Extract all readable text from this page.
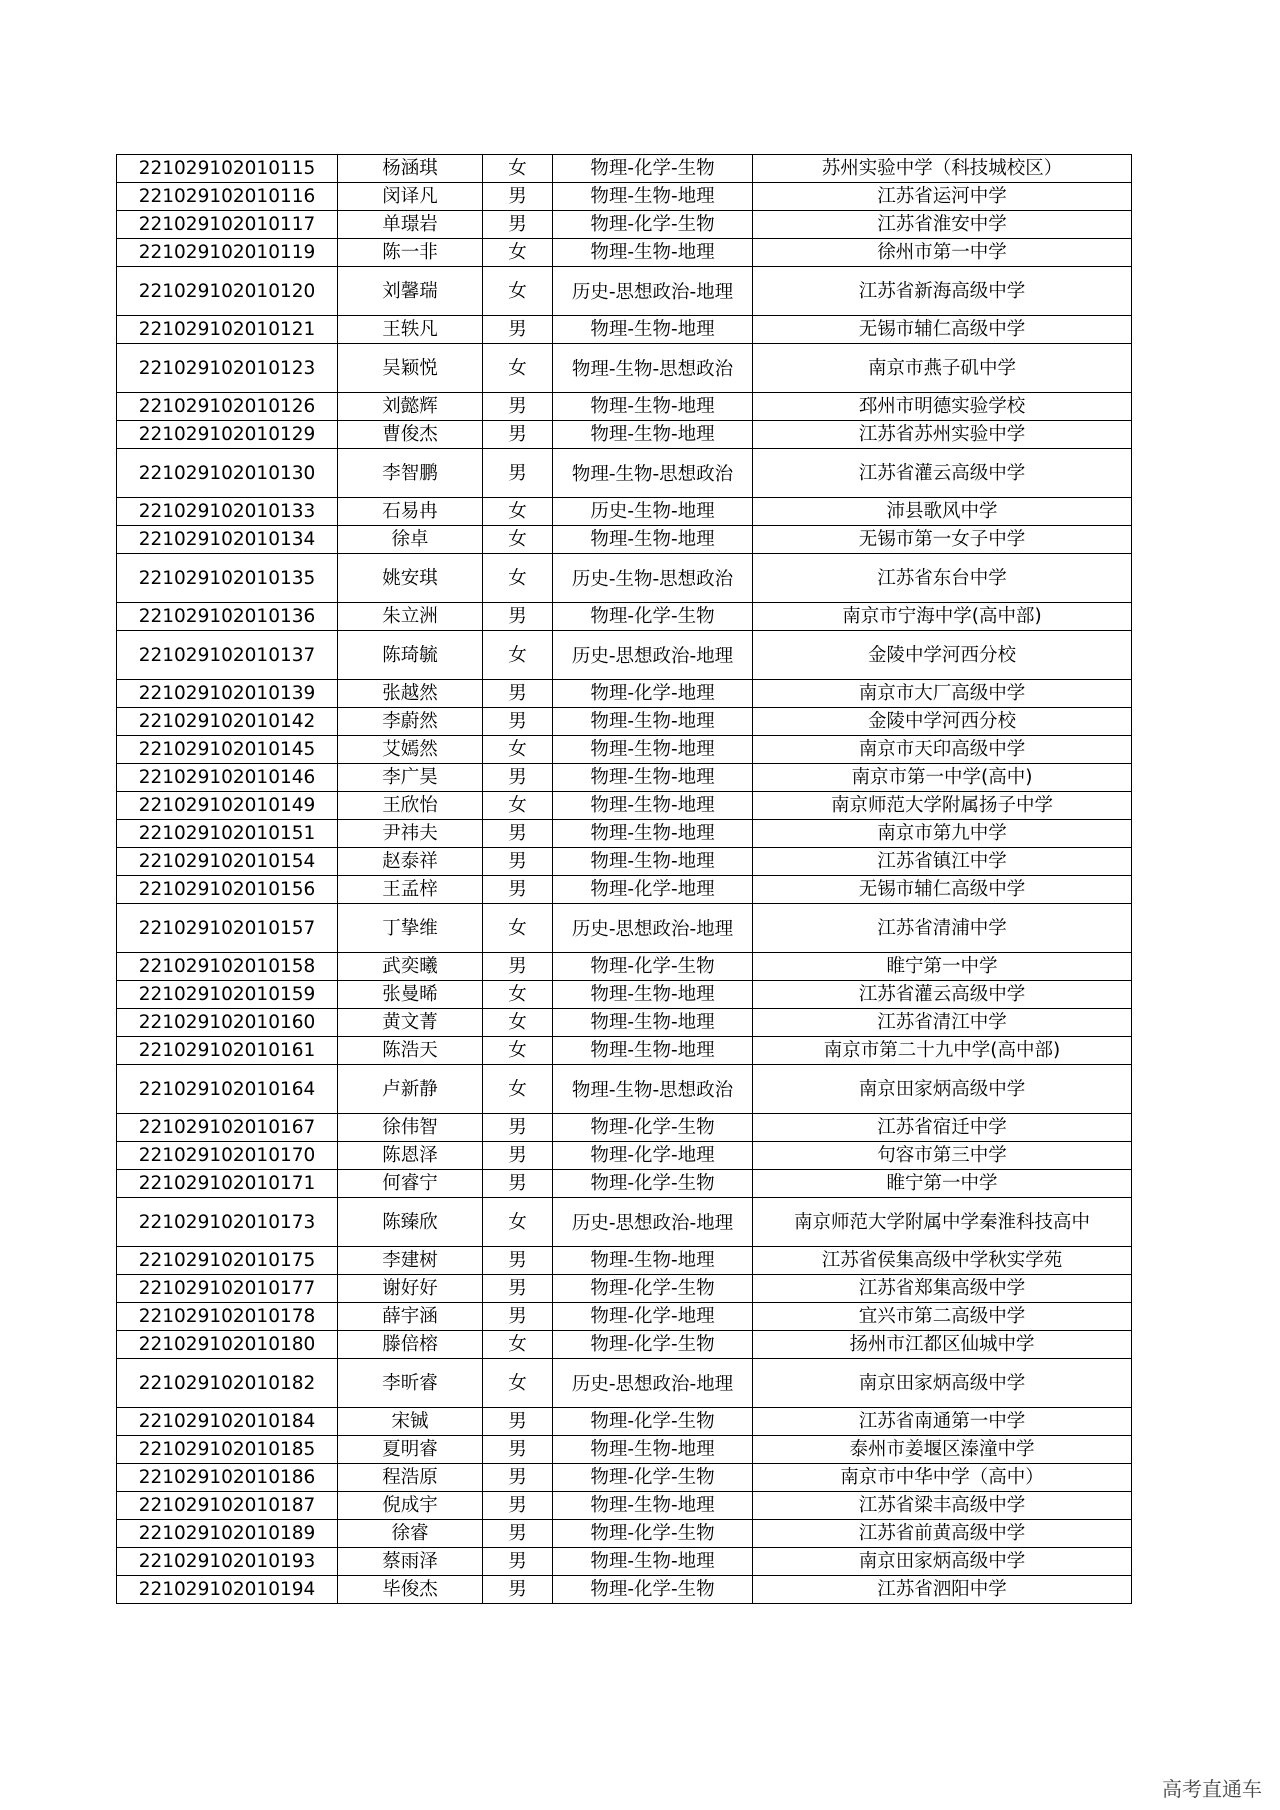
221029102010115	杨涵琪	女	物理-化学-生物	苏州实验中学（科技城校区）
221029102010116	闵译凡	男	物理-生物-地理	江苏省运河中学
221029102010117	单璟岩	男	物理-化学-生物	江苏省淮安中学
221029102010119	陈一非	女	物理-生物-地理	徐州市第一中学
221029102010120	刘馨瑞	女	历史-思想政治-地理	江苏省新海高级中学
221029102010121	王轶凡	男	物理-生物-地理	无锡市辅仁高级中学
221029102010123	吴颖悦	女	物理-生物-思想政治	南京市燕子矶中学
221029102010126	刘懿辉	男	物理-生物-地理	邳州市明德实验学校
221029102010129	曹俊杰	男	物理-生物-地理	江苏省苏州实验中学
221029102010130	李智鹏	男	物理-生物-思想政治	江苏省灌云高级中学
221029102010133	石易冉	女	历史-生物-地理	沛县歌风中学
221029102010134	徐卓	女	物理-生物-地理	无锡市第一女子中学
221029102010135	姚安琪	女	历史-生物-思想政治	江苏省东台中学
221029102010136	朱立洲	男	物理-化学-生物	南京市宁海中学(高中部)
221029102010137	陈琦毓	女	历史-思想政治-地理	金陵中学河西分校
221029102010139	张越然	男	物理-化学-地理	南京市大厂高级中学
221029102010142	李蔚然	男	物理-生物-地理	金陵中学河西分校
221029102010145	艾嫣然	女	物理-生物-地理	南京市天印高级中学
221029102010146	李广昊	男	物理-生物-地理	南京市第一中学(高中)
221029102010149	王欣怡	女	物理-生物-地理	南京师范大学附属扬子中学
221029102010151	尹祎夫	男	物理-生物-地理	南京市第九中学
221029102010154	赵泰祥	男	物理-生物-地理	江苏省镇江中学
221029102010156	王孟梓	男	物理-化学-地理	无锡市辅仁高级中学
221029102010157	丁挚维	女	历史-思想政治-地理	江苏省清浦中学
221029102010158	武奕曦	男	物理-化学-生物	睢宁第一中学
221029102010159	张曼晞	女	物理-生物-地理	江苏省灌云高级中学
221029102010160	黄文菁	女	物理-生物-地理	江苏省清江中学
221029102010161	陈浩天	女	物理-生物-地理	南京市第二十九中学(高中部)
221029102010164	卢新静	女	物理-生物-思想政治	南京田家炳高级中学
221029102010167	徐伟智	男	物理-化学-生物	江苏省宿迁中学
221029102010170	陈恩泽	男	物理-化学-地理	句容市第三中学
221029102010171	何睿宁	男	物理-化学-生物	睢宁第一中学
221029102010173	陈臻欣	女	历史-思想政治-地理	南京师范大学附属中学秦淮科技高中
221029102010175	李建树	男	物理-生物-地理	江苏省侯集高级中学秋实学苑
221029102010177	谢好好	男	物理-化学-生物	江苏省郑集高级中学
221029102010178	薛宇涵	男	物理-化学-地理	宜兴市第二高级中学
221029102010180	滕倍榕	女	物理-化学-生物	扬州市江都区仙城中学
221029102010182	李昕睿	女	历史-思想政治-地理	南京田家炳高级中学
221029102010184	宋铖	男	物理-化学-生物	江苏省南通第一中学
221029102010185	夏明睿	男	物理-生物-地理	泰州市姜堰区溱潼中学
221029102010186	程浩原	男	物理-化学-生物	南京市中华中学（高中）
221029102010187	倪成宇	男	物理-生物-地理	江苏省梁丰高级中学
221029102010189	徐睿	男	物理-化学-生物	江苏省前黄高级中学
221029102010193	蔡雨泽	男	物理-生物-地理	南京田家炳高级中学
221029102010194	毕俊杰	男	物理-化学-生物	江苏省泗阳中学
高考直通车
